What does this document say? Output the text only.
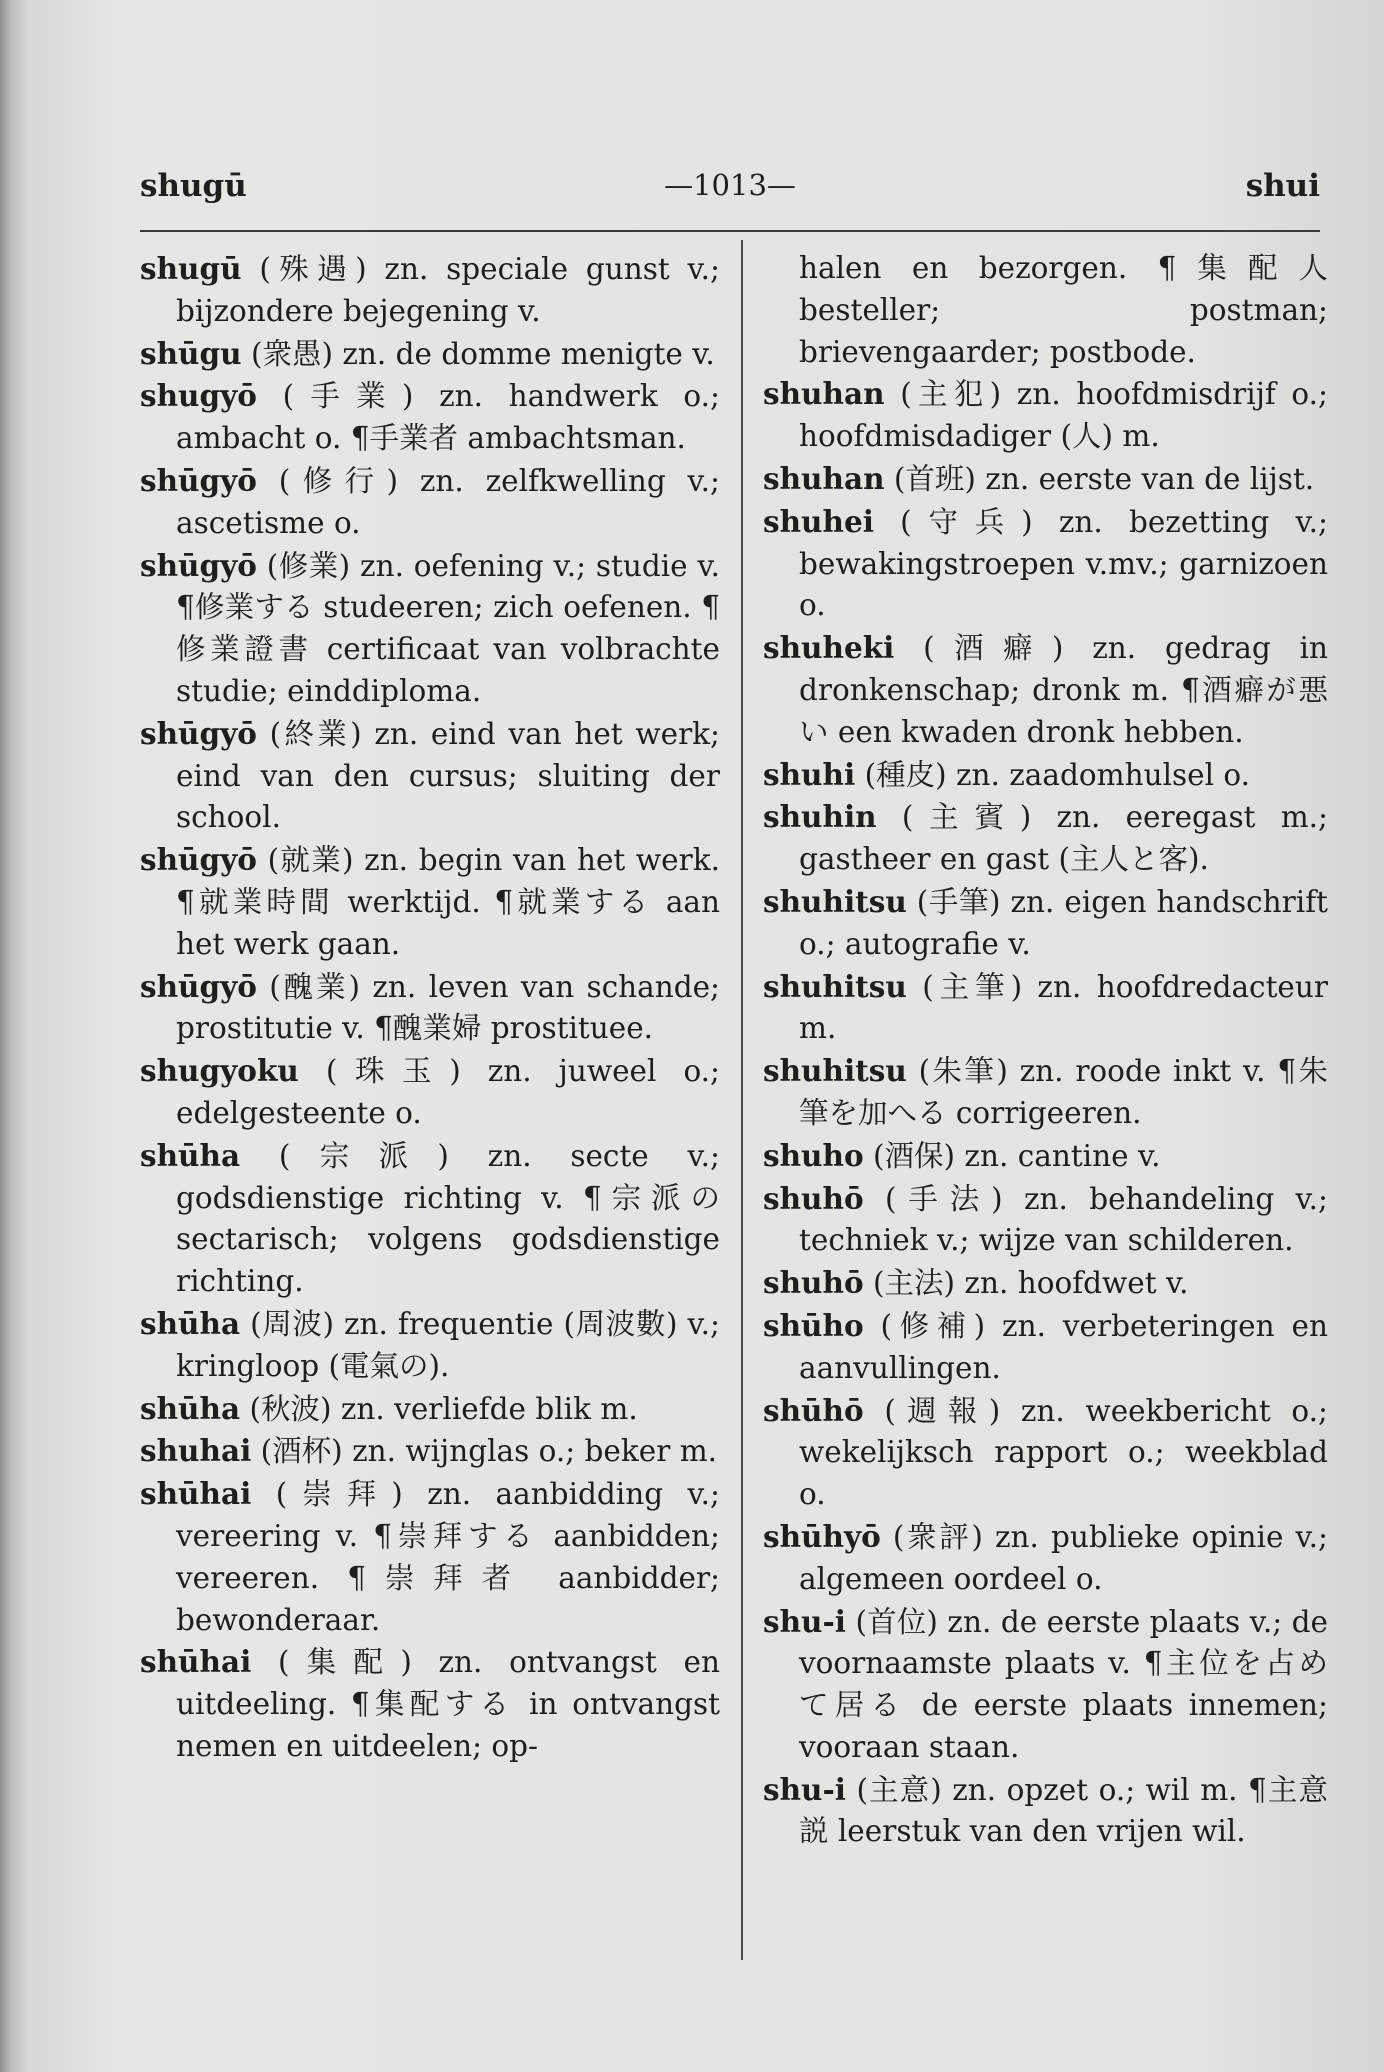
shugū	—1013—	shui

shugū (殊遇) zn. speciale gunst v.; bijzondere bejegening v.

shūgu (衆愚) zn. de domme menigte v.

shugyō (手業) zn. handwerk o.; ambacht o. ¶手業者 ambachtsman.

shūgyō (修行) zn. zelfkwelling v.; ascetisme o.

shūgyō (修業) zn. oefening v.; studie v. ¶修業する studeeren; zich oefenen. ¶修業證書 certificaat van volbrachte studie; einddiploma.

shūgyō (終業) zn. eind van het werk; eind van den cursus; sluiting der school.

shūgyō (就業) zn. begin van het werk. ¶就業時間 werktijd. ¶就業する aan het werk gaan.

shūgyō (醜業) zn. leven van schande; prostitutie v. ¶醜業婦 prostituee.

shugyoku (珠玉) zn. juweel o.; edelgesteente o.

shūha (宗派) zn. secte v.; godsdienstige richting v. ¶宗派の sectarisch; volgens godsdienstige richting.

shūha (周波) zn. frequentie (周波數) v.; kringloop (電氣の).

shūha (秋波) zn. verliefde blik m.

shuhai (酒杯) zn. wijnglas o.; beker m.

shūhai (崇拜) zn. aanbidding v.; vereering v. ¶崇拜する aanbidden; vereeren. ¶崇拜者 aanbidder; bewonderaar.

shūhai (集配) zn. ontvangst en uitdeeling. ¶集配する in ontvangst nemen en uitdeelen; op-

halen en bezorgen. ¶集配人 besteller; postman; brievengaarder; postbode.

shuhan (主犯) zn. hoofdmisdrijf o.; hoofdmisdadiger (人) m.

shuhan (首班) zn. eerste van de lijst.

shuhei (守兵) zn. bezetting v.; bewakingstroepen v.mv.; garnizoen o.

shuheki (酒癖) zn. gedrag in dronkenschap; dronk m. ¶酒癖が悪い een kwaden dronk hebben.

shuhi (種皮) zn. zaadomhulsel o.

shuhin (主賓) zn. eeregast m.; gastheer en gast (主人と客).

shuhitsu (手筆) zn. eigen handschrift o.; autografie v.

shuhitsu (主筆) zn. hoofdredacteur m.

shuhitsu (朱筆) zn. roode inkt v. ¶朱筆を加へる corrigeeren.

shuho (酒保) zn. cantine v.

shuhō (手法) zn. behandeling v.; techniek v.; wijze van schilderen.

shuhō (主法) zn. hoofdwet v.

shūho (修補) zn. verbeteringen en aanvullingen.

shūhō (週報) zn. weekbericht o.; wekelijksch rapport o.; weekblad o.

shūhyō (衆評) zn. publieke opinie v.; algemeen oordeel o.

shu-i (首位) zn. de eerste plaats v.; de voornaamste plaats v. ¶主位を占めて居る de eerste plaats innemen; vooraan staan.

shu-i (主意) zn. opzet o.; wil m. ¶主意説 leerstuk van den vrijen wil.
